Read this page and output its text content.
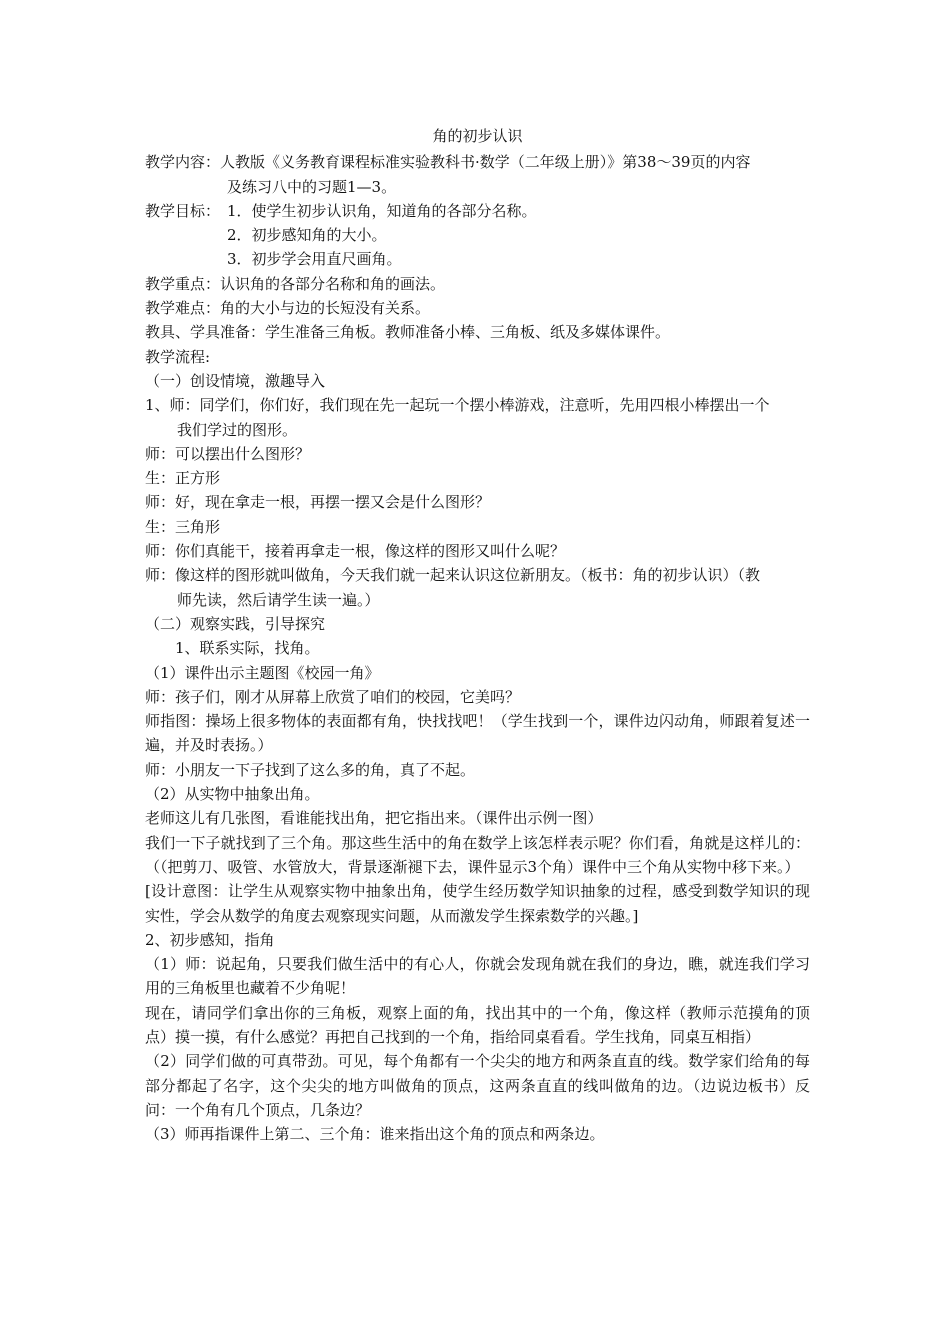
角的初步认识

教学内容：人教版《义务教育课程标准实验教科书·数学（二年级上册）》第38～39页的内容

及练习八中的习题1—3。

教学目标： 1．使学生初步认识角，知道角的各部分名称。

2．初步感知角的大小。

3．初步学会用直尺画角。

教学重点：认识角的各部分名称和角的画法。

教学难点：角的大小与边的长短没有关系。

教具、学具准备：学生准备三角板。教师准备小棒、三角板、纸及多媒体课件。

教学流程:

（一）创设情境，激趣导入

1、师：同学们，你们好，我们现在先一起玩一个摆小棒游戏，注意听，先用四根小棒摆出一个

我们学过的图形。

师：可以摆出什么图形？

生：正方形

师：好，现在拿走一根，再摆一摆又会是什么图形？

生：三角形

师：你们真能干，接着再拿走一根，像这样的图形又叫什么呢？

师：像这样的图形就叫做角，今天我们就一起来认识这位新朋友。（板书：角的初步认识）（教

师先读，然后请学生读一遍。）

（二）观察实践，引导探究

1、联系实际，找角。

（1）课件出示主题图《校园一角》

师：孩子们，刚才从屏幕上欣赏了咱们的校园，它美吗？

师指图：操场上很多物体的表面都有角，快找找吧！（学生找到一个，课件边闪动角，师跟着复述一遍，并及时表扬。）

师：小朋友一下子找到了这么多的角，真了不起。

（2）从实物中抽象出角。

老师这儿有几张图，看谁能找出角，把它指出来。（课件出示例一图）

我们一下子就找到了三个角。那这些生活中的角在数学上该怎样表示呢？你们看，角就是这样儿的：（（把剪刀、吸管、水管放大，背景逐渐褪下去，课件显示3个角）课件中三个角从实物中移下来。）

[设计意图：让学生从观察实物中抽象出角，使学生经历数学知识抽象的过程，感受到数学知识的现实性，学会从数学的角度去观察现实问题，从而激发学生探索数学的兴趣。]

2、初步感知，指角

（1）师：说起角，只要我们做生活中的有心人，你就会发现角就在我们的身边，瞧，就连我们学习用的三角板里也藏着不少角呢！

现在，请同学们拿出你的三角板，观察上面的角，找出其中的一个角，像这样（教师示范摸角的顶点）摸一摸，有什么感觉？再把自己找到的一个角，指给同桌看看。学生找角，同桌互相指）

（2）同学们做的可真带劲。可见，每个角都有一个尖尖的地方和两条直直的线。数学家们给角的每部分都起了名字，这个尖尖的地方叫做角的顶点，这两条直直的线叫做角的边。（边说边板书）反问：一个角有几个顶点，几条边？

（3）师再指课件上第二、三个角：谁来指出这个角的顶点和两条边。
